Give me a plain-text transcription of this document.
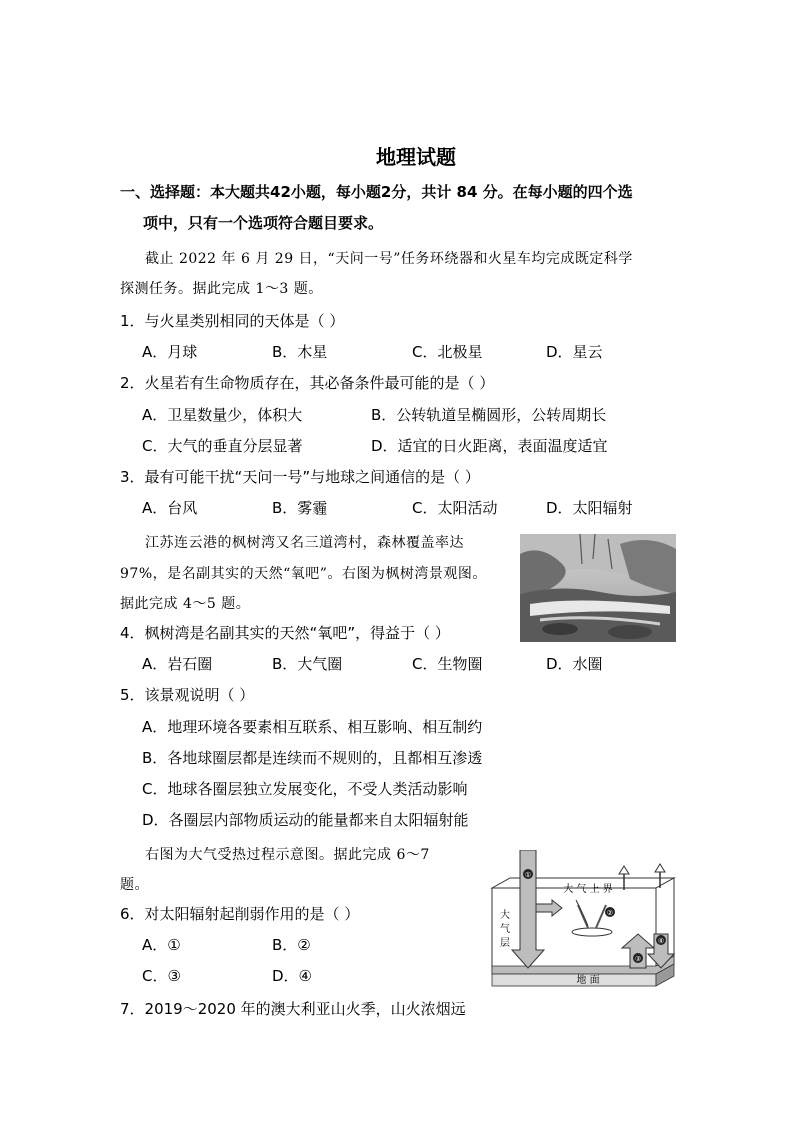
地理试题
一、选择题：本大题共42小题，每小题2分，共计 84 分。在每小题的四个选
项中，只有一个选项符合题目要求。
截止 2022 年 6 月 29 日，“天问一号”任务环绕器和火星车均完成既定科学
探测任务。据此完成 1～3 题。
1．与火星类别相同的天体是（ ）
A．月球	B．木星	C．北极星	D．星云
2．火星若有生命物质存在，其必备条件最可能的是（ ）
A．卫星数量少，体积大	B．公转轨道呈椭圆形，公转周期长
C．大气的垂直分层显著	D．适宜的日火距离，表面温度适宜
3．最有可能干扰“天问一号”与地球之间通信的是（ ）
A．台风	B．雾霾	C．太阳活动	D．太阳辐射
江苏连云港的枫树湾又名三道湾村，森林覆盖率达
97%，是名副其实的天然“氧吧”。右图为枫树湾景观图。
据此完成 4～5 题。
4．枫树湾是名副其实的天然“氧吧”，得益于（ ）
A．岩石圈	B．大气圈	C．生物圈	D．水圈
5．该景观说明（ ）
A．地理环境各要素相互联系、相互影响、相互制约
B．各地球圈层都是连续而不规则的，且都相互渗透
C．地球各圈层独立发展变化，不受人类活动影响
D．各圈层内部物质运动的能量都来自太阳辐射能
右图为大气受热过程示意图。据此完成 6～7
题。	大 气 上 界
大
气
层
地 面
①
②
③
④
6．对太阳辐射起削弱作用的是（ ）
A．①	B．②
C．③	D．④
7．2019～2020 年的澳大利亚山火季，山火浓烟远
